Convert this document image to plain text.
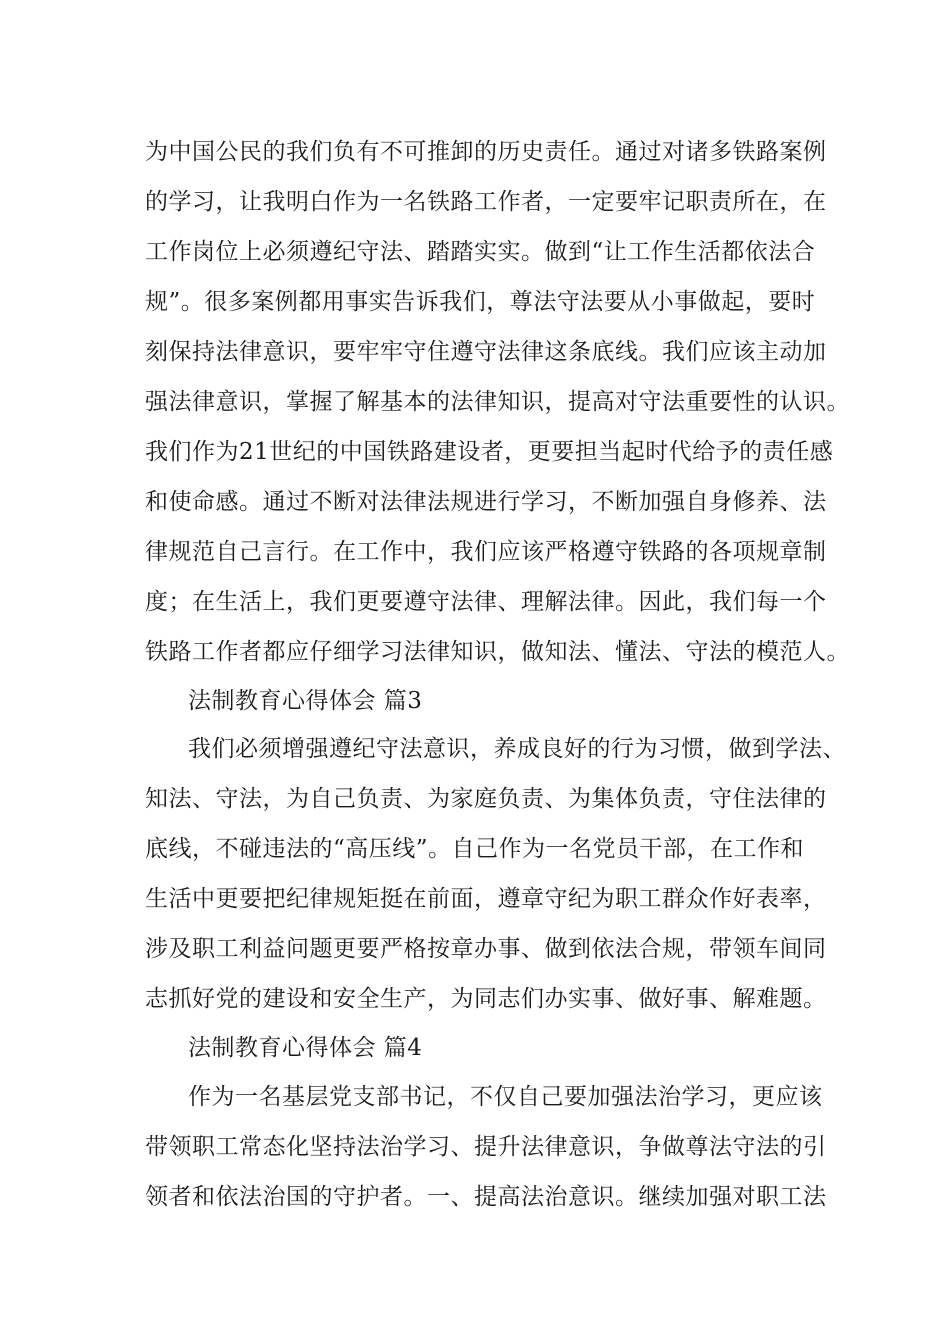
为中国公民的我们负有不可推卸的历史责任。通过对诸多铁路案例
的学习，让我明白作为一名铁路工作者，一定要牢记职责所在，在
工作岗位上必须遵纪守法、踏踏实实。做到“让工作生活都依法合
规”。很多案例都用事实告诉我们，尊法守法要从小事做起，要时
刻保持法律意识，要牢牢守住遵守法律这条底线。我们应该主动加
强法律意识，掌握了解基本的法律知识，提高对守法重要性的认识。
我们作为21世纪的中国铁路建设者，更要担当起时代给予的责任感
和使命感。通过不断对法律法规进行学习，不断加强自身修养、法
律规范自己言行。在工作中，我们应该严格遵守铁路的各项规章制
度；在生活上，我们更要遵守法律、理解法律。因此，我们每一个
铁路工作者都应仔细学习法律知识，做知法、懂法、守法的模范人。
法制教育心得体会 篇3
我们必须增强遵纪守法意识，养成良好的行为习惯，做到学法、
知法、守法，为自己负责、为家庭负责、为集体负责，守住法律的
底线，不碰违法的“高压线”。自己作为一名党员干部，在工作和
生活中更要把纪律规矩挺在前面，遵章守纪为职工群众作好表率，
涉及职工利益问题更要严格按章办事、做到依法合规，带领车间同
志抓好党的建设和安全生产，为同志们办实事、做好事、解难题。
法制教育心得体会 篇4
作为一名基层党支部书记，不仅自己要加强法治学习，更应该
带领职工常态化坚持法治学习、提升法律意识，争做尊法守法的引
领者和依法治国的守护者。一、提高法治意识。继续加强对职工法
